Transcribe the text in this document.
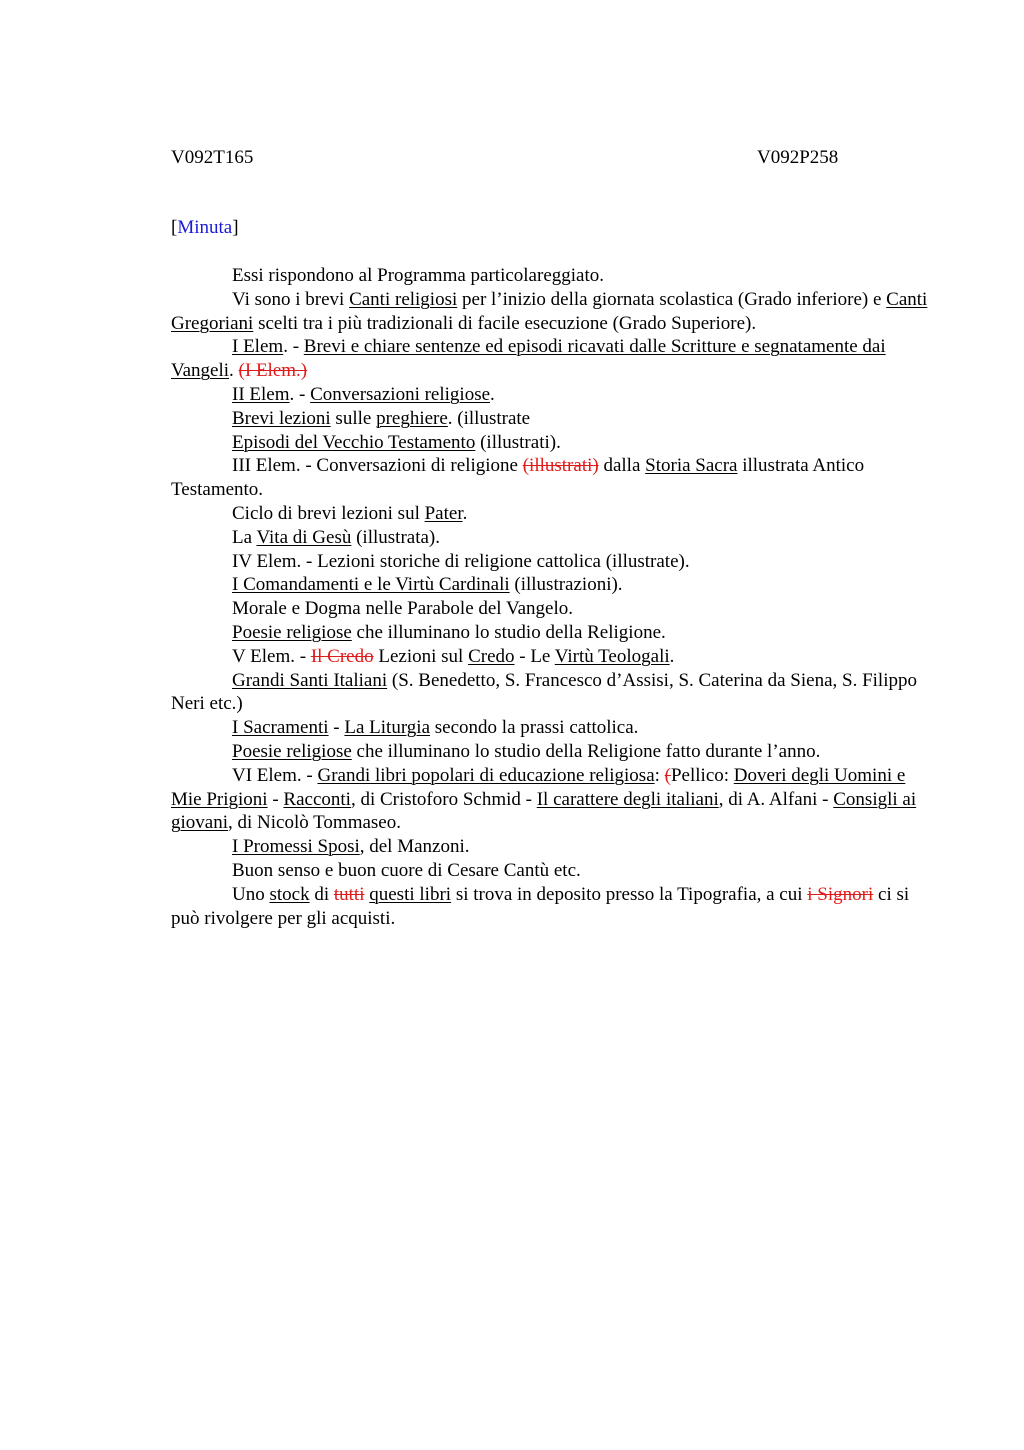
V092T165	V092P258
[Minuta]

Essi rispondono al Programma particolareggiato.

Vi sono i brevi Canti religiosi per l’inizio della giornata scolastica (Grado inferiore) e Canti Gregoriani scelti tra i più tradizionali di facile esecuzione (Grado Superiore).

I Elem. - Brevi e chiare sentenze ed episodi ricavati dalle Scritture e segnatamente dai Vangeli. (I Elem.)

II Elem. - Conversazioni religiose.

Brevi lezioni sulle preghiere. (illustrate

Episodi del Vecchio Testamento (illustrati).

III Elem. - Conversazioni di religione (illustrati) dalla Storia Sacra illustrata Antico Testamento.

Ciclo di brevi lezioni sul Pater.

La Vita di Gesù (illustrata).

IV Elem. - Lezioni storiche di religione cattolica (illustrate).

I Comandamenti e le Virtù Cardinali (illustrazioni).

Morale e Dogma nelle Parabole del Vangelo.

Poesie religiose che illuminano lo studio della Religione.

V Elem. - Il Credo Lezioni sul Credo - Le Virtù Teologali.

Grandi Santi Italiani (S. Benedetto, S. Francesco d’Assisi, S. Caterina da Siena, S. Filippo Neri etc.)

I Sacramenti - La Liturgia secondo la prassi cattolica.

Poesie religiose che illuminano lo studio della Religione fatto durante l’anno.

VI Elem. - Grandi libri popolari di educazione religiosa: (Pellico: Doveri degli Uomini e Mie Prigioni - Racconti, di Cristoforo Schmid - Il carattere degli italiani, di A. Alfani - Consigli ai giovani, di Nicolò Tommaseo.

I Promessi Sposi, del Manzoni.

Buon senso e buon cuore di Cesare Cantù etc.

Uno stock di tutti questi libri si trova in deposito presso la Tipografia, a cui i Signori ci si può rivolgere per gli acquisti.
